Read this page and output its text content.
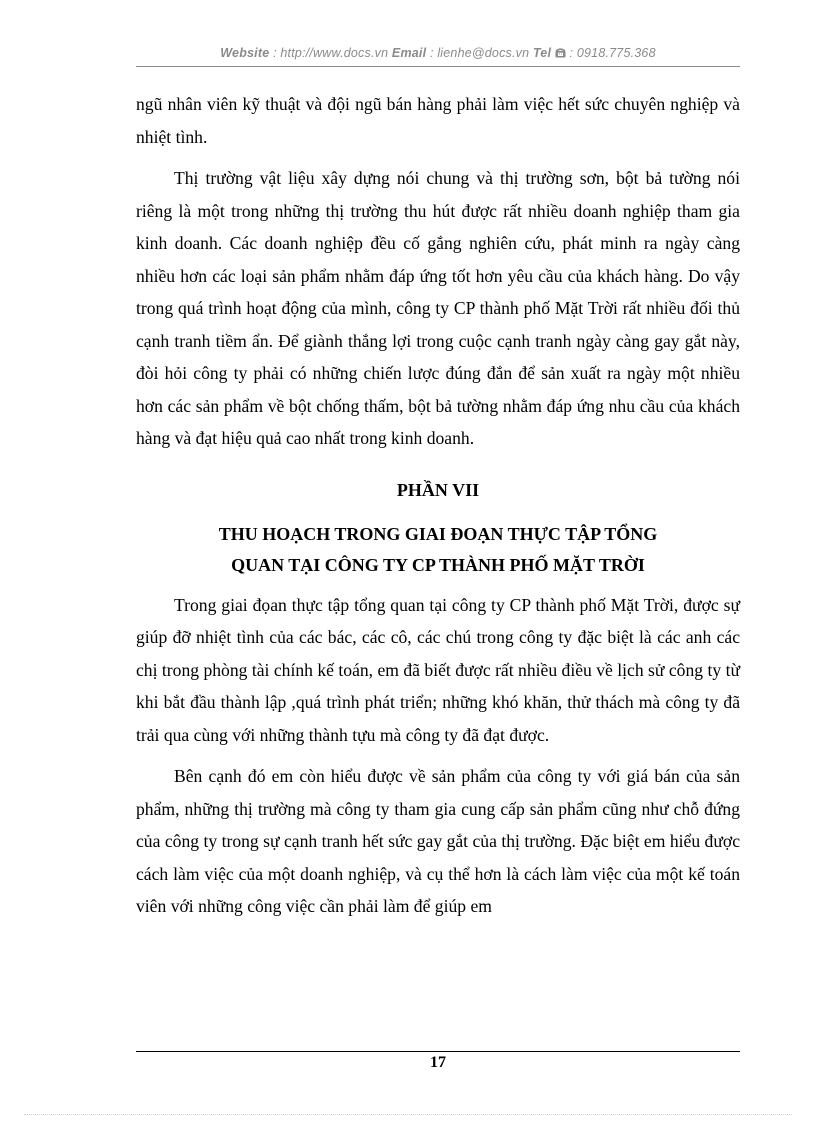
Website : http://www.docs.vn Email : lienhe@docs.vn Tel : 0918.775.368

ngũ nhân viên kỹ thuật và đội ngũ bán hàng phải làm việc hết sức chuyên nghiệp và nhiệt tình.

Thị trường vật liệu xây dựng nói chung và thị trường sơn, bột bả tường nói riêng là một trong những thị trường thu hút được rất nhiều doanh nghiệp tham gia kinh doanh. Các doanh nghiệp đều cố gắng nghiên cứu, phát minh ra ngày càng nhiều hơn các loại sản phẩm nhằm đáp ứng tốt hơn yêu cầu của khách hàng. Do vậy trong quá trình hoạt động của mình, công ty CP thành phố Mặt Trời rất nhiều đối thủ cạnh tranh tiềm ẩn. Để giành thắng lợi trong cuộc cạnh tranh ngày càng gay gắt này, đòi hỏi công ty phải có những chiến lược đúng đắn để sản xuất ra ngày một nhiều hơn các sản phẩm về bột chống thấm, bột bả tường nhằm đáp ứng nhu cầu của khách hàng và đạt hiệu quả cao nhất trong kinh doanh.

PHẦN VII
THU HOẠCH TRONG GIAI ĐOẠN THỰC TẬP TỔNG
QUAN TẠI CÔNG TY CP THÀNH PHỐ MẶT TRỜI

Trong giai đọan thực tập tổng quan tại công ty CP thành phố Mặt Trời, được sự giúp đỡ nhiệt tình của các bác, các cô, các chú trong công ty đặc biệt là các anh các chị trong phòng tài chính kế toán, em đã biết được rất nhiều điều về lịch sử công ty từ khi bắt đầu thành lập ,quá trình phát triển; những khó khăn, thử thách mà công ty đã trải qua cùng với những thành tựu mà công ty đã đạt được.

Bên cạnh đó em còn hiểu được về sản phẩm của công ty với giá bán của sản phẩm, những thị trường mà công ty tham gia cung cấp sản phẩm cũng như chỗ đứng của công ty trong sự cạnh tranh hết sức gay gắt của thị trường. Đặc biệt em hiểu được cách làm việc của một doanh nghiệp, và cụ thể hơn là cách làm việc của một kế toán viên với những công việc cần phải làm để giúp em

17
